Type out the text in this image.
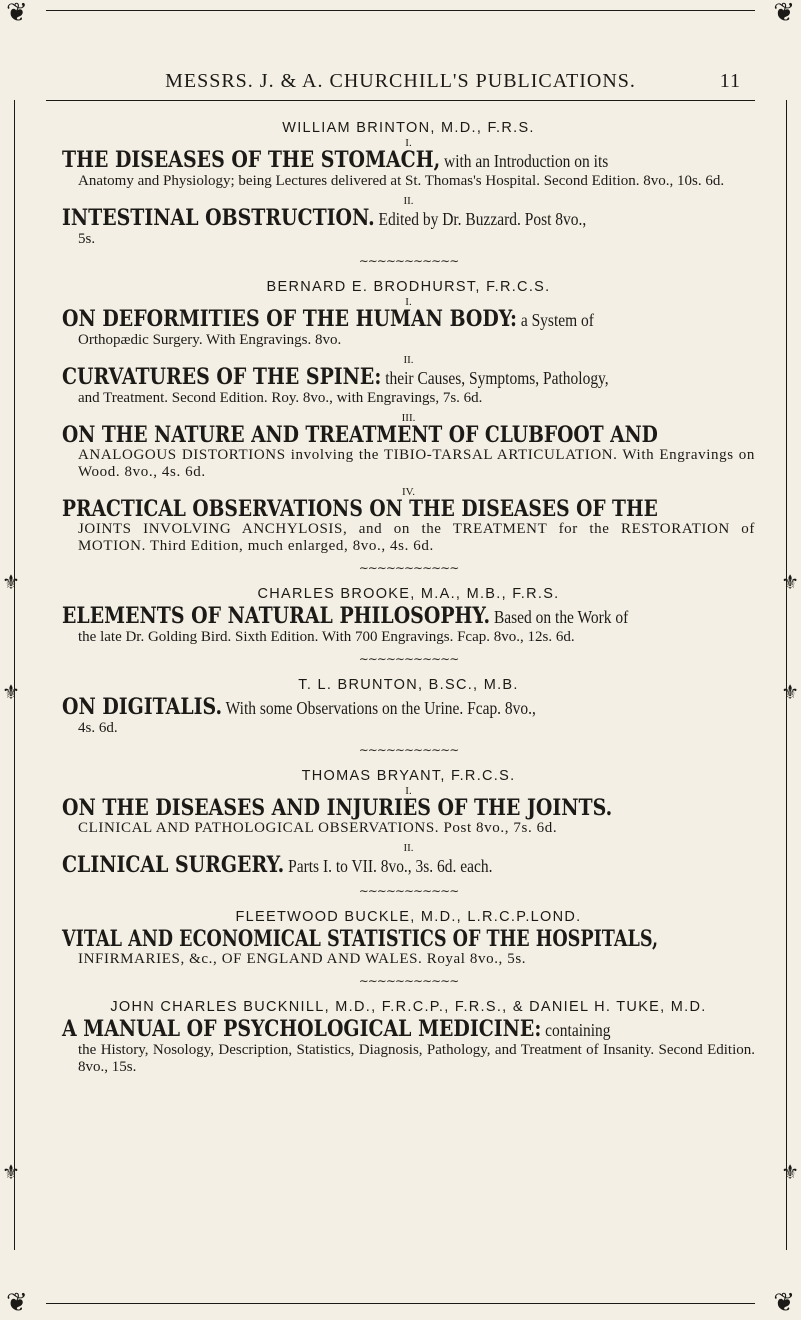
❦	❦
❦	❦
⚜	⚜
⚜	⚜
⚜	⚜
MESSRS. J. & A. CHURCHILL'S PUBLICATIONS.	11

WILLIAM BRINTON, M.D., F.R.S.

I.

THE DISEASES OF THE STOMACH, with an Introduction on its

Anatomy and Physiology; being Lectures delivered at St. Thomas's Hospital. Second Edition. 8vo., 10s. 6d.

II.

INTESTINAL OBSTRUCTION. Edited by Dr. Buzzard. Post 8vo.,

5s.

∼∼∼∼∼∼∼∼∼∼∼

BERNARD E. BRODHURST, F.R.C.S.

I.

ON DEFORMITIES OF THE HUMAN BODY: a System of

Orthopædic Surgery. With Engravings. 8vo.

II.

CURVATURES OF THE SPINE: their Causes, Symptoms, Pathology,

and Treatment. Second Edition. Roy. 8vo., with Engravings, 7s. 6d.

III.

ON THE NATURE AND TREATMENT OF CLUBFOOT AND

ANALOGOUS DISTORTIONS involving the TIBIO-TARSAL ARTICULATION. With Engravings on Wood. 8vo., 4s. 6d.

IV.

PRACTICAL OBSERVATIONS ON THE DISEASES OF THE

JOINTS INVOLVING ANCHYLOSIS, and on the TREATMENT for the RESTORATION of MOTION. Third Edition, much enlarged, 8vo., 4s. 6d.

∼∼∼∼∼∼∼∼∼∼∼

CHARLES BROOKE, M.A., M.B., F.R.S.

ELEMENTS OF NATURAL PHILOSOPHY. Based on the Work of

the late Dr. Golding Bird. Sixth Edition. With 700 Engravings. Fcap. 8vo., 12s. 6d.

∼∼∼∼∼∼∼∼∼∼∼

T. L. BRUNTON, B.SC., M.B.

ON DIGITALIS. With some Observations on the Urine. Fcap. 8vo.,

4s. 6d.

∼∼∼∼∼∼∼∼∼∼∼

THOMAS BRYANT, F.R.C.S.

I.

ON THE DISEASES AND INJURIES OF THE JOINTS.

CLINICAL AND PATHOLOGICAL OBSERVATIONS. Post 8vo., 7s. 6d.

II.

CLINICAL SURGERY. Parts I. to VII. 8vo., 3s. 6d. each.

∼∼∼∼∼∼∼∼∼∼∼

FLEETWOOD BUCKLE, M.D., L.R.C.P.LOND.

VITAL AND ECONOMICAL STATISTICS OF THE HOSPITALS,

INFIRMARIES, &c., OF ENGLAND AND WALES. Royal 8vo., 5s.

∼∼∼∼∼∼∼∼∼∼∼

JOHN CHARLES BUCKNILL, M.D., F.R.C.P., F.R.S., & DANIEL H. TUKE, M.D.

A MANUAL OF PSYCHOLOGICAL MEDICINE: containing

the History, Nosology, Description, Statistics, Diagnosis, Pathology, and Treatment of Insanity. Second Edition. 8vo., 15s.
